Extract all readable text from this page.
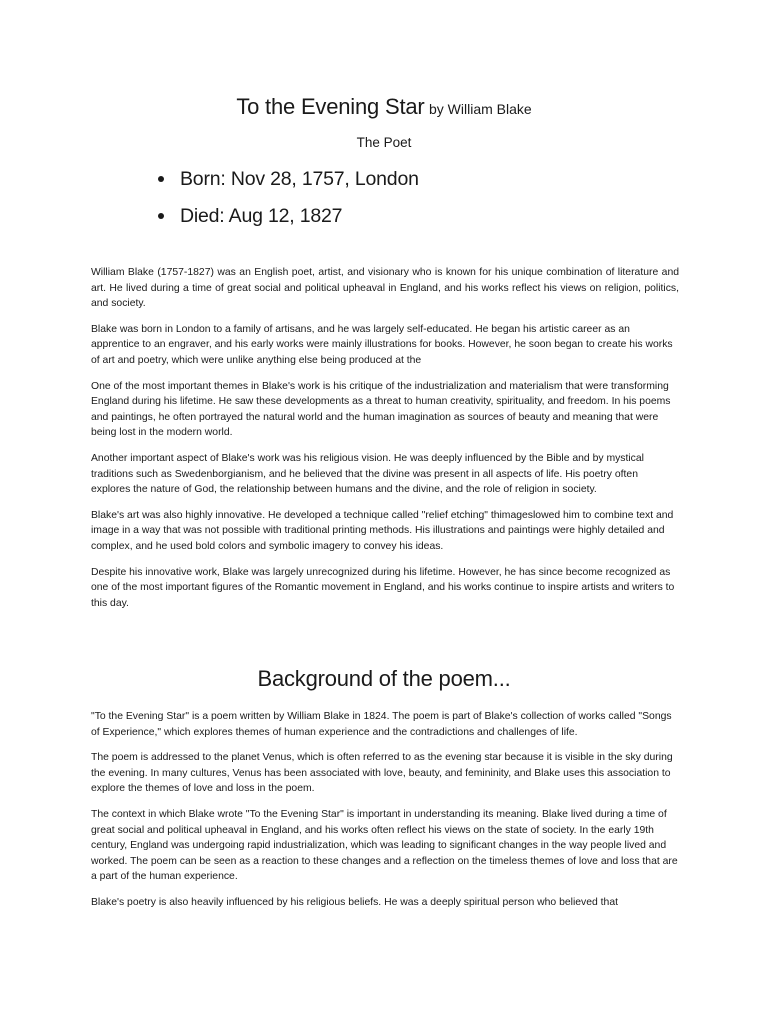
To the Evening Star by William Blake
The Poet
Born: Nov 28, 1757, London
Died: Aug 12, 1827

William Blake (1757-1827) was an English poet, artist, and visionary who is known for his unique combination of literature and art. He lived during a time of great social and political upheaval in England, and his works reflect his views on religion, politics, and society.

Blake was born in London to a family of artisans, and he was largely self-educated. He began his artistic career as an apprentice to an engraver, and his early works were mainly illustrations for books. However, he soon began to create his works of art and poetry, which were unlike anything else being produced at the

One of the most important themes in Blake's work is his critique of the industrialization and materialism that were transforming England during his lifetime. He saw these developments as a threat to human creativity, spirituality, and freedom. In his poems and paintings, he often portrayed the natural world and the human imagination as sources of beauty and meaning that were being lost in the modern world.

Another important aspect of Blake's work was his religious vision. He was deeply influenced by the Bible and by mystical traditions such as Swedenborgianism, and he believed that the divine was present in all aspects of life. His poetry often explores the nature of God, the relationship between humans and the divine, and the role of religion in society.

Blake's art was also highly innovative. He developed a technique called "relief etching" thimageslowed him to combine text and image in a way that was not possible with traditional printing methods. His illustrations and paintings were highly detailed and complex, and he used bold colors and symbolic imagery to convey his ideas.

Despite his innovative work, Blake was largely unrecognized during his lifetime. However, he has since become recognized as one of the most important figures of the Romantic movement in England, and his works continue to inspire artists and writers to this day.

Background of the poem...

"To the Evening Star" is a poem written by William Blake in 1824. The poem is part of Blake's collection of works called "Songs of Experience," which explores themes of human experience and the contradictions and challenges of life.

The poem is addressed to the planet Venus, which is often referred to as the evening star because it is visible in the sky during the evening. In many cultures, Venus has been associated with love, beauty, and femininity, and Blake uses this association to explore the themes of love and loss in the poem.

The context in which Blake wrote "To the Evening Star" is important in understanding its meaning. Blake lived during a time of great social and political upheaval in England, and his works often reflect his views on the state of society. In the early 19th century, England was undergoing rapid industrialization, which was leading to significant changes in the way people lived and worked. The poem can be seen as a reaction to these changes and a reflection on the timeless themes of love and loss that are a part of the human experience.

Blake's poetry is also heavily influenced by his religious beliefs. He was a deeply spiritual person who believed that
